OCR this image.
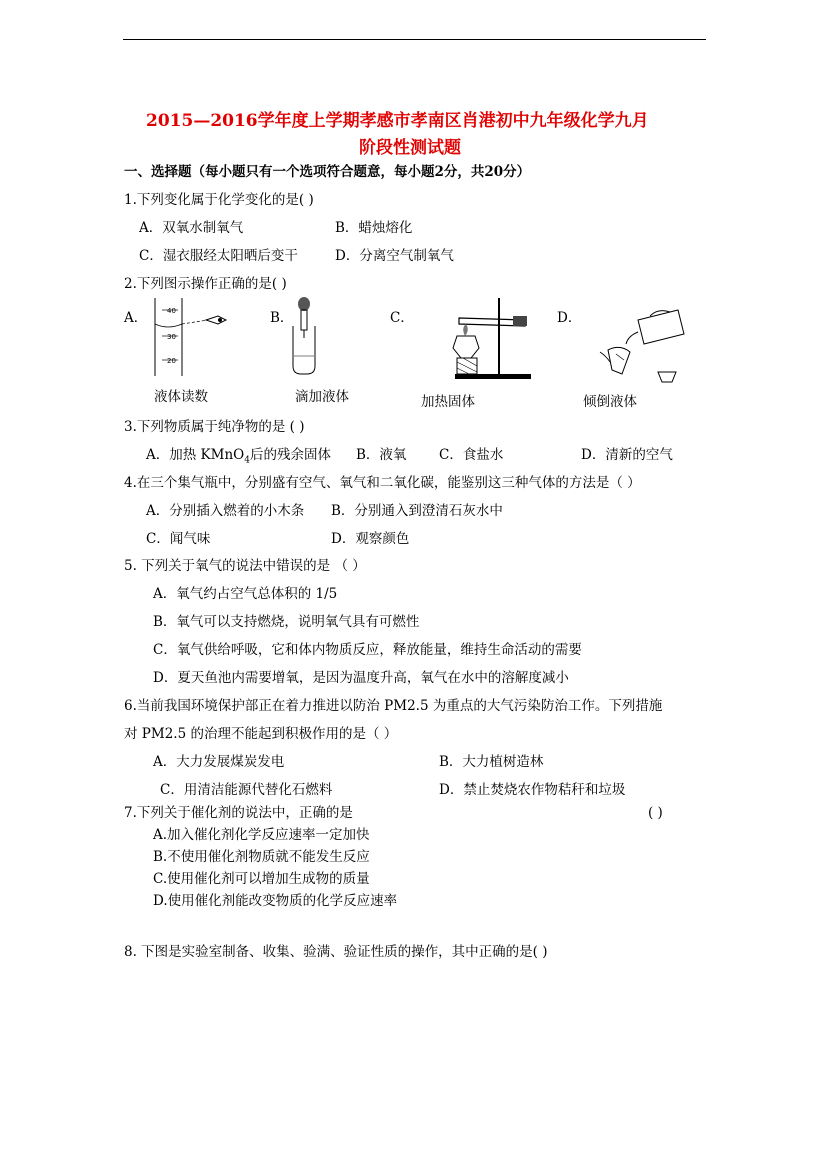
2015—2016学年度上学期孝感市孝南区肖港初中九年级化学九月
阶段性测试题
一、选择题（每小题只有一个选项符合题意，每小题2分，共20分）
1.下列变化属于化学变化的是( )
A．双氧水制氧气	B．蜡烛熔化
C．湿衣服经太阳晒后变干	D．分离空气制氧气
2.下列图示操作正确的是( )
A．	B．	C．	D．
40
30
20
液体读数	滴加液体	加热固体	倾倒液体
3.下列物质属于纯净物的是 ( )
A．加热 KMnO$_4$后的残余固体 B．液氧 C．食盐水	D．清新的空气
4.在三个集气瓶中，分别盛有空气、氧气和二氧化碳，能鉴别这三种气体的方法是（ ）
A．分别插入燃着的小木条 B．分别通入到澄清石灰水中
C．闻气味	D．观察颜色
5. 下列关于氧气的说法中错误的是 （ ）
A．氧气约占空气总体积的 1/5
B．氧气可以支持燃烧，说明氧气具有可燃性
C．氧气供给呼吸，它和体内物质反应，释放能量，维持生命活动的需要
D．夏天鱼池内需要增氧，是因为温度升高，氧气在水中的溶解度减小
6.当前我国环境保护部正在着力推进以防治 PM2.5 为重点的大气污染防治工作。下列措施
对 PM2.5 的治理不能起到积极作用的是（ ）
A．大力发展煤炭发电	B．大力植树造林
C．用清洁能源代替化石燃料	D．禁止焚烧农作物秸秆和垃圾
7.下列关于催化剂的说法中，正确的是	( )
A.加入催化剂化学反应速率一定加快
B.不使用催化剂物质就不能发生反应
C.使用催化剂可以增加生成物的质量
D.使用催化剂能改变物质的化学反应速率
8. 下图是实验室制备、收集、验满、验证性质的操作，其中正确的是( )
